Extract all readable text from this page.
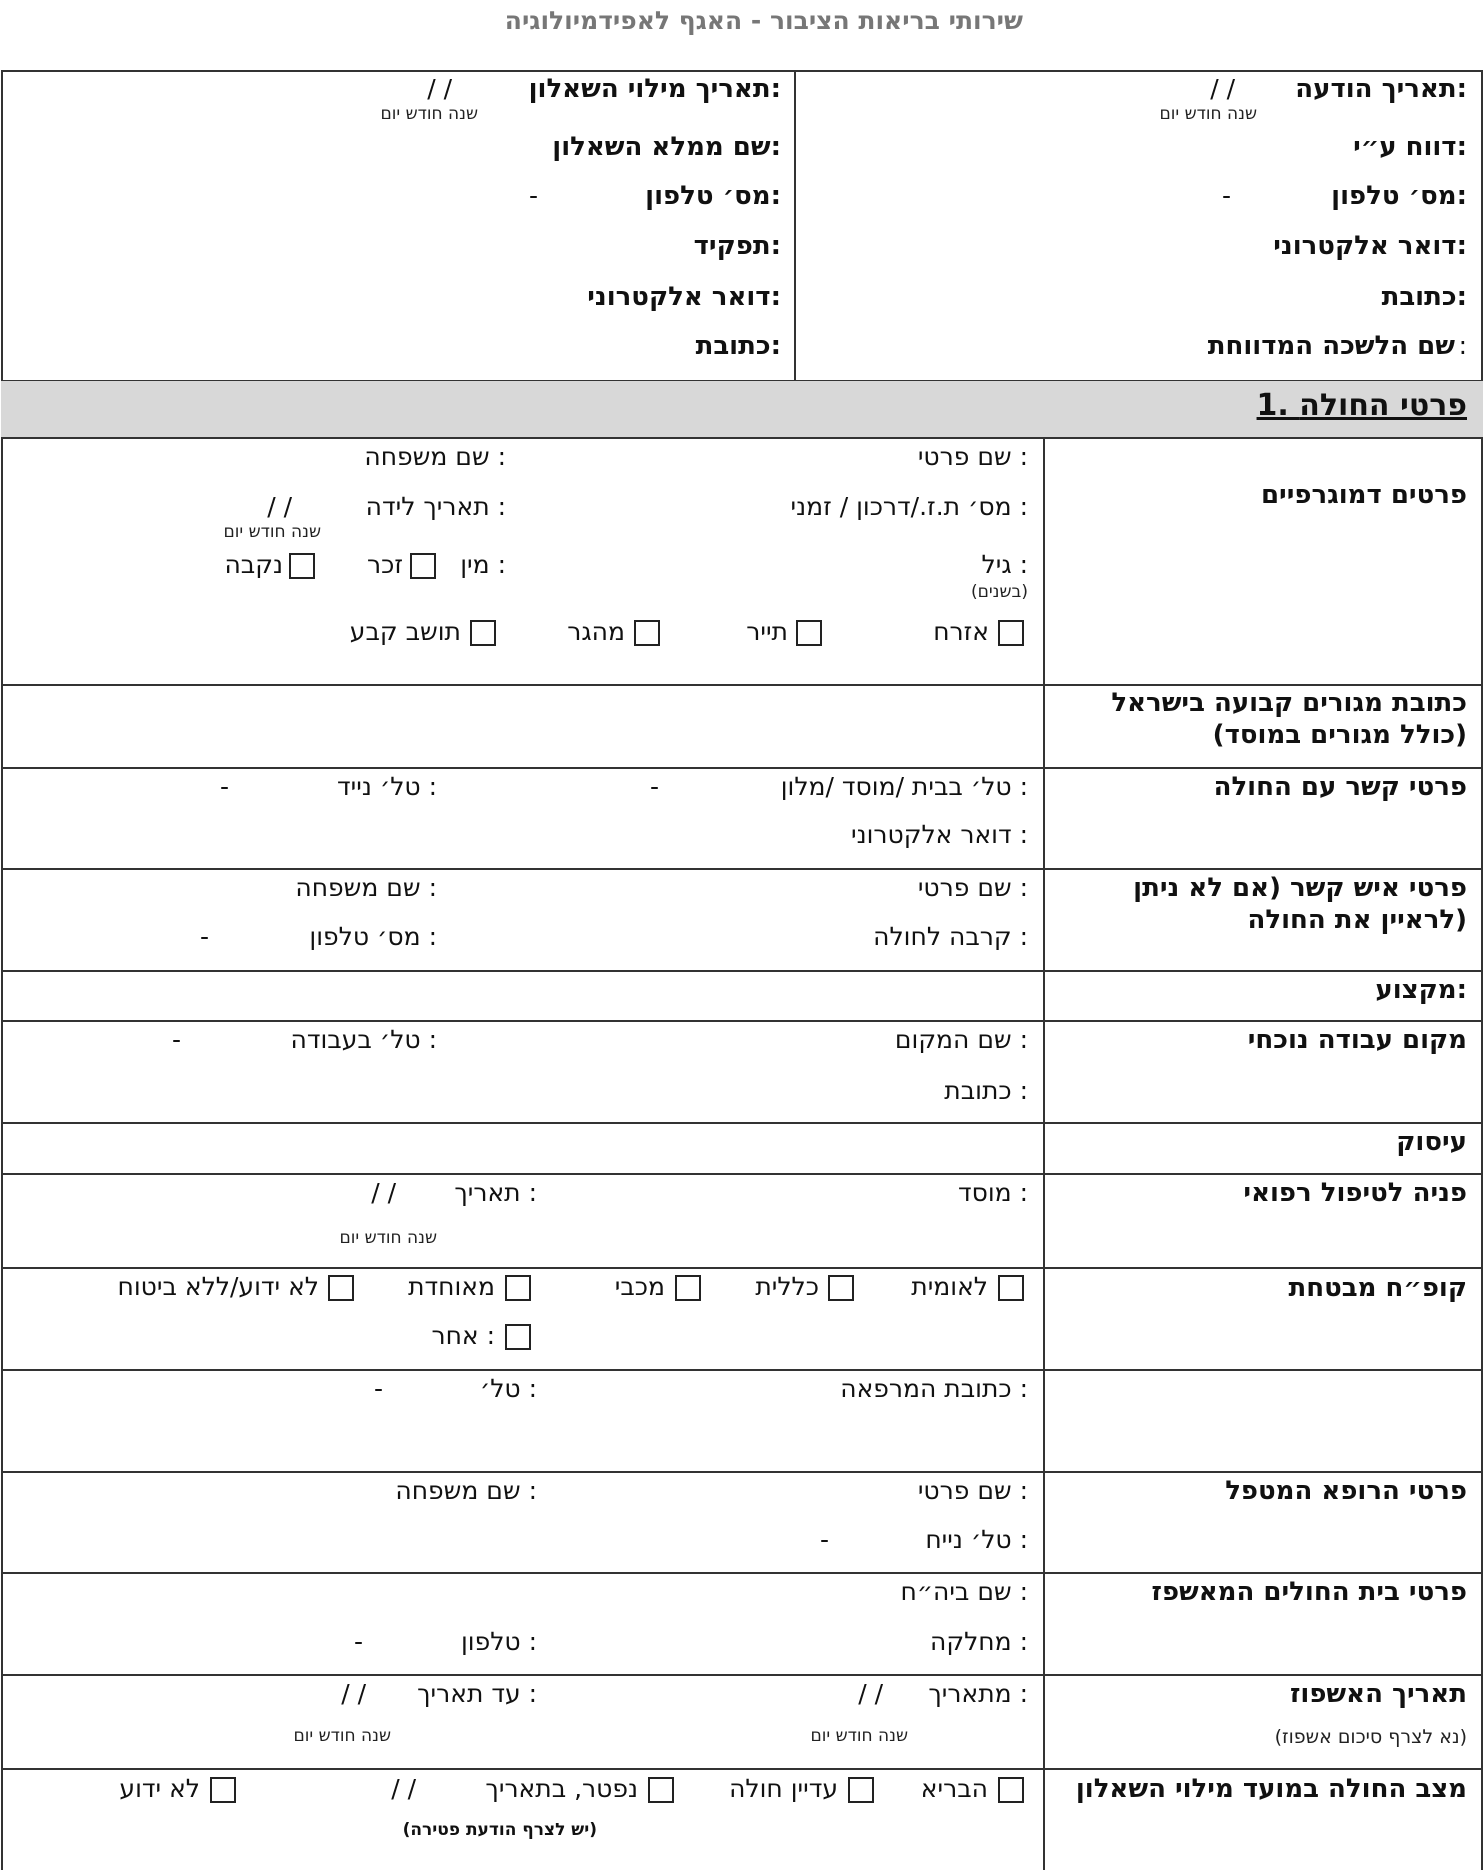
שירותי בריאות הציבור - האגף לאפידמיולוגיה
תאריך הודעה:
/ /
שנה חודש יום
דווח ע״י:
מס׳ טלפון:
-
דואר אלקטרוני:
כתובת:
שם הלשכה המדווחת :
תאריך מילוי השאלון:
/ /
שנה חודש יום
שם ממלא השאלון:
מס׳ טלפון:
-
תפקיד:
דואר אלקטרוני:
כתובת:
1. פרטי החולה
פרטים דמוגרפיים
שם פרטי :
שם משפחה :
מס׳ ת.ז./דרכון / זמני :
תאריך לידה :
/ /
שנה חודש יום
גיל :
(בשנים)
מין :
זכר
נקבה
אזרח
תייר
מהגר
תושב קבע
כתובת מגורים קבועה בישראל
(כולל מגורים במוסד)
פרטי קשר עם החולה
טל׳ בבית /מוסד /מלון :
-
טל׳ נייד :
-
דואר אלקטרוני :
פרטי איש קשר (אם לא ניתן
לראיין את החולה)
שם פרטי :
שם משפחה :
קרבה לחולה :
מס׳ טלפון :
-
מקצוע:
מקום עבודה נוכחי
שם המקום :
טל׳ בעבודה :
-
כתובת :
עיסוק
פניה לטיפול רפואי
מוסד :
תאריך :
/ /
שנה חודש יום
קופ״ח מבטחת
לאומית
כללית
מכבי
מאוחדת
לא ידוע/ללא ביטוח
אחר :
כתובת המרפאה :
טל׳ :
-
פרטי הרופא המטפל
שם פרטי :
שם משפחה :
טל׳ נייח :
-
פרטי בית החולים המאשפז
שם ביה״ח :
מחלקה :
טלפון :
-
תאריך האשפוז
(נא לצרף סיכום אשפוז)
מתאריך :
/ /
שנה חודש יום
עד תאריך :
/ /
שנה חודש יום
מצב החולה במועד מילוי השאלון
הבריא
עדיין חולה
נפטר, בתאריך
/ /
לא ידוע
(יש לצרף הודעת פטירה)
